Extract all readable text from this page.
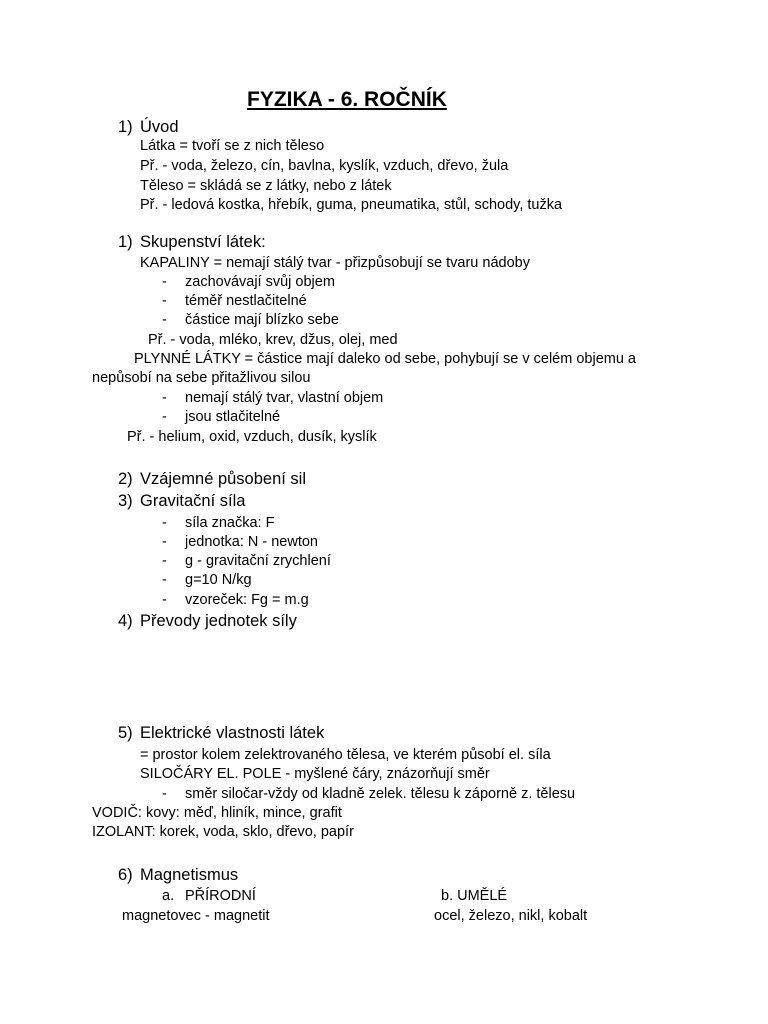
FYZIKA - 6. ROČNÍK
1) Úvod
Látka = tvoří se z nich těleso
Př. - voda, železo, cín, bavlna, kyslík, vzduch, dřevo, žula
Těleso = skládá se z látky, nebo z látek
Př. - ledová kostka, hřebík, guma, pneumatika, stůl, schody, tužka
1) Skupenství látek:
KAPALINY = nemají stálý tvar - přizpůsobují se tvaru nádoby
- zachovávají svůj objem
- téměř nestlačitelné
- částice mají blízko sebe
Př. - voda, mléko, krev, džus, olej, med
PLYNNÉ LÁTKY = částice mají daleko od sebe, pohybují se v celém objemu a
nepůsobí na sebe přitažlivou silou
- nemají stálý tvar, vlastní objem
- jsou stlačitelné
Př. - helium, oxid, vzduch, dusík, kyslík
2) Vzájemné působení sil
3) Gravitační síla
- síla značka: F
- jednotka: N - newton
- g - gravitační zrychlení
- g=10 N/kg
- vzoreček: Fg = m.g
4) Převody jednotek síly
5) Elektrické vlastnosti látek
= prostor kolem zelektrovaného tělesa, ve kterém působí el. síla
SILOČÁRY EL. POLE - myšlené čáry, znázorňují směr
- směr siločar-vždy od kladně zelek. tělesu k záporně z. tělesu
VODIČ: kovy: měď, hliník, mince, grafit
IZOLANT: korek, voda, sklo, dřevo, papír
6) Magnetismus
a. PŘÍRODNÍ	b. UMĚLÉ
magnetovec - magnetit	ocel, železo, nikl, kobalt
